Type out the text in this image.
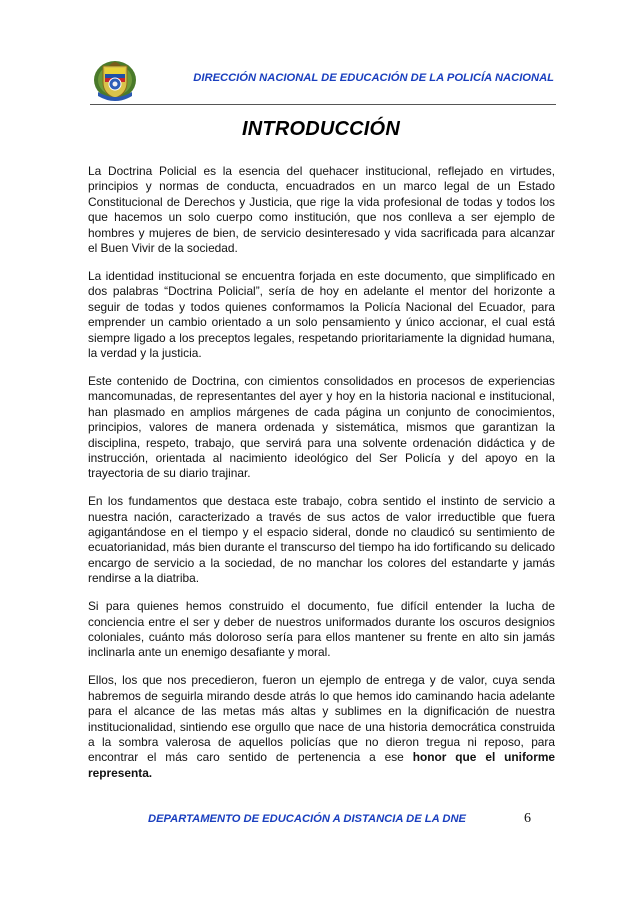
DIRECCIÓN NACIONAL DE EDUCACIÓN DE LA POLICÍA NACIONAL
INTRODUCCIÓN

La Doctrina Policial es la esencia del quehacer institucional, reflejado en virtudes, principios y normas de conducta, encuadrados en un marco legal de un Estado Constitucional de Derechos y Justicia, que rige la vida profesional de todas y todos los que hacemos un solo cuerpo como institución, que nos conlleva a ser ejemplo de hombres y mujeres de bien, de servicio desinteresado y vida sacrificada para alcanzar el Buen Vivir de la sociedad.

La identidad institucional se encuentra forjada en este documento, que simplificado en dos palabras “Doctrina Policial”, sería de hoy en adelante el mentor del horizonte a seguir de todas y todos quienes conformamos la Policía Nacional del Ecuador, para emprender un cambio orientado a un solo pensamiento y único accionar, el cual está siempre ligado a los preceptos legales, respetando prioritariamente la dignidad humana, la verdad y la justicia.

Este contenido de Doctrina, con cimientos consolidados en procesos de experiencias mancomunadas, de representantes del ayer y hoy en la historia nacional e institucional, han plasmado en amplios márgenes de cada página un conjunto de conocimientos, principios, valores de manera ordenada y sistemática, mismos que garantizan la disciplina, respeto, trabajo, que servirá para una solvente ordenación didáctica y de instrucción, orientada al nacimiento ideológico del Ser Policía y del apoyo en la trayectoria de su diario trajinar.

En los fundamentos que destaca este trabajo, cobra sentido el instinto de servicio a nuestra nación, caracterizado a través de sus actos de valor irreductible que fuera agigantándose en el tiempo y el espacio sideral, donde no claudicó su sentimiento de ecuatorianidad, más bien durante el transcurso del tiempo ha ido fortificando su delicado encargo de servicio a la sociedad, de no manchar los colores del estandarte y jamás rendirse a la diatriba.

Si para quienes hemos construido el documento, fue difícil entender la lucha de conciencia entre el ser y deber de nuestros uniformados durante los oscuros designios coloniales, cuánto más doloroso sería para ellos mantener su frente en alto sin jamás inclinarla ante un enemigo desafiante y moral.

Ellos, los que nos precedieron, fueron un ejemplo de entrega y de valor, cuya senda habremos de seguirla mirando desde atrás lo que hemos ido caminando hacia adelante para el alcance de las metas más altas y sublimes en la dignificación de nuestra institucionalidad, sintiendo ese orgullo que nace de una historia democrática construida a la sombra valerosa de aquellos policías que no dieron tregua ni reposo, para encontrar el más caro sentido de pertenencia a ese honor que el uniforme representa.

DEPARTAMENTO DE EDUCACIÓN A DISTANCIA DE LA DNE	6
